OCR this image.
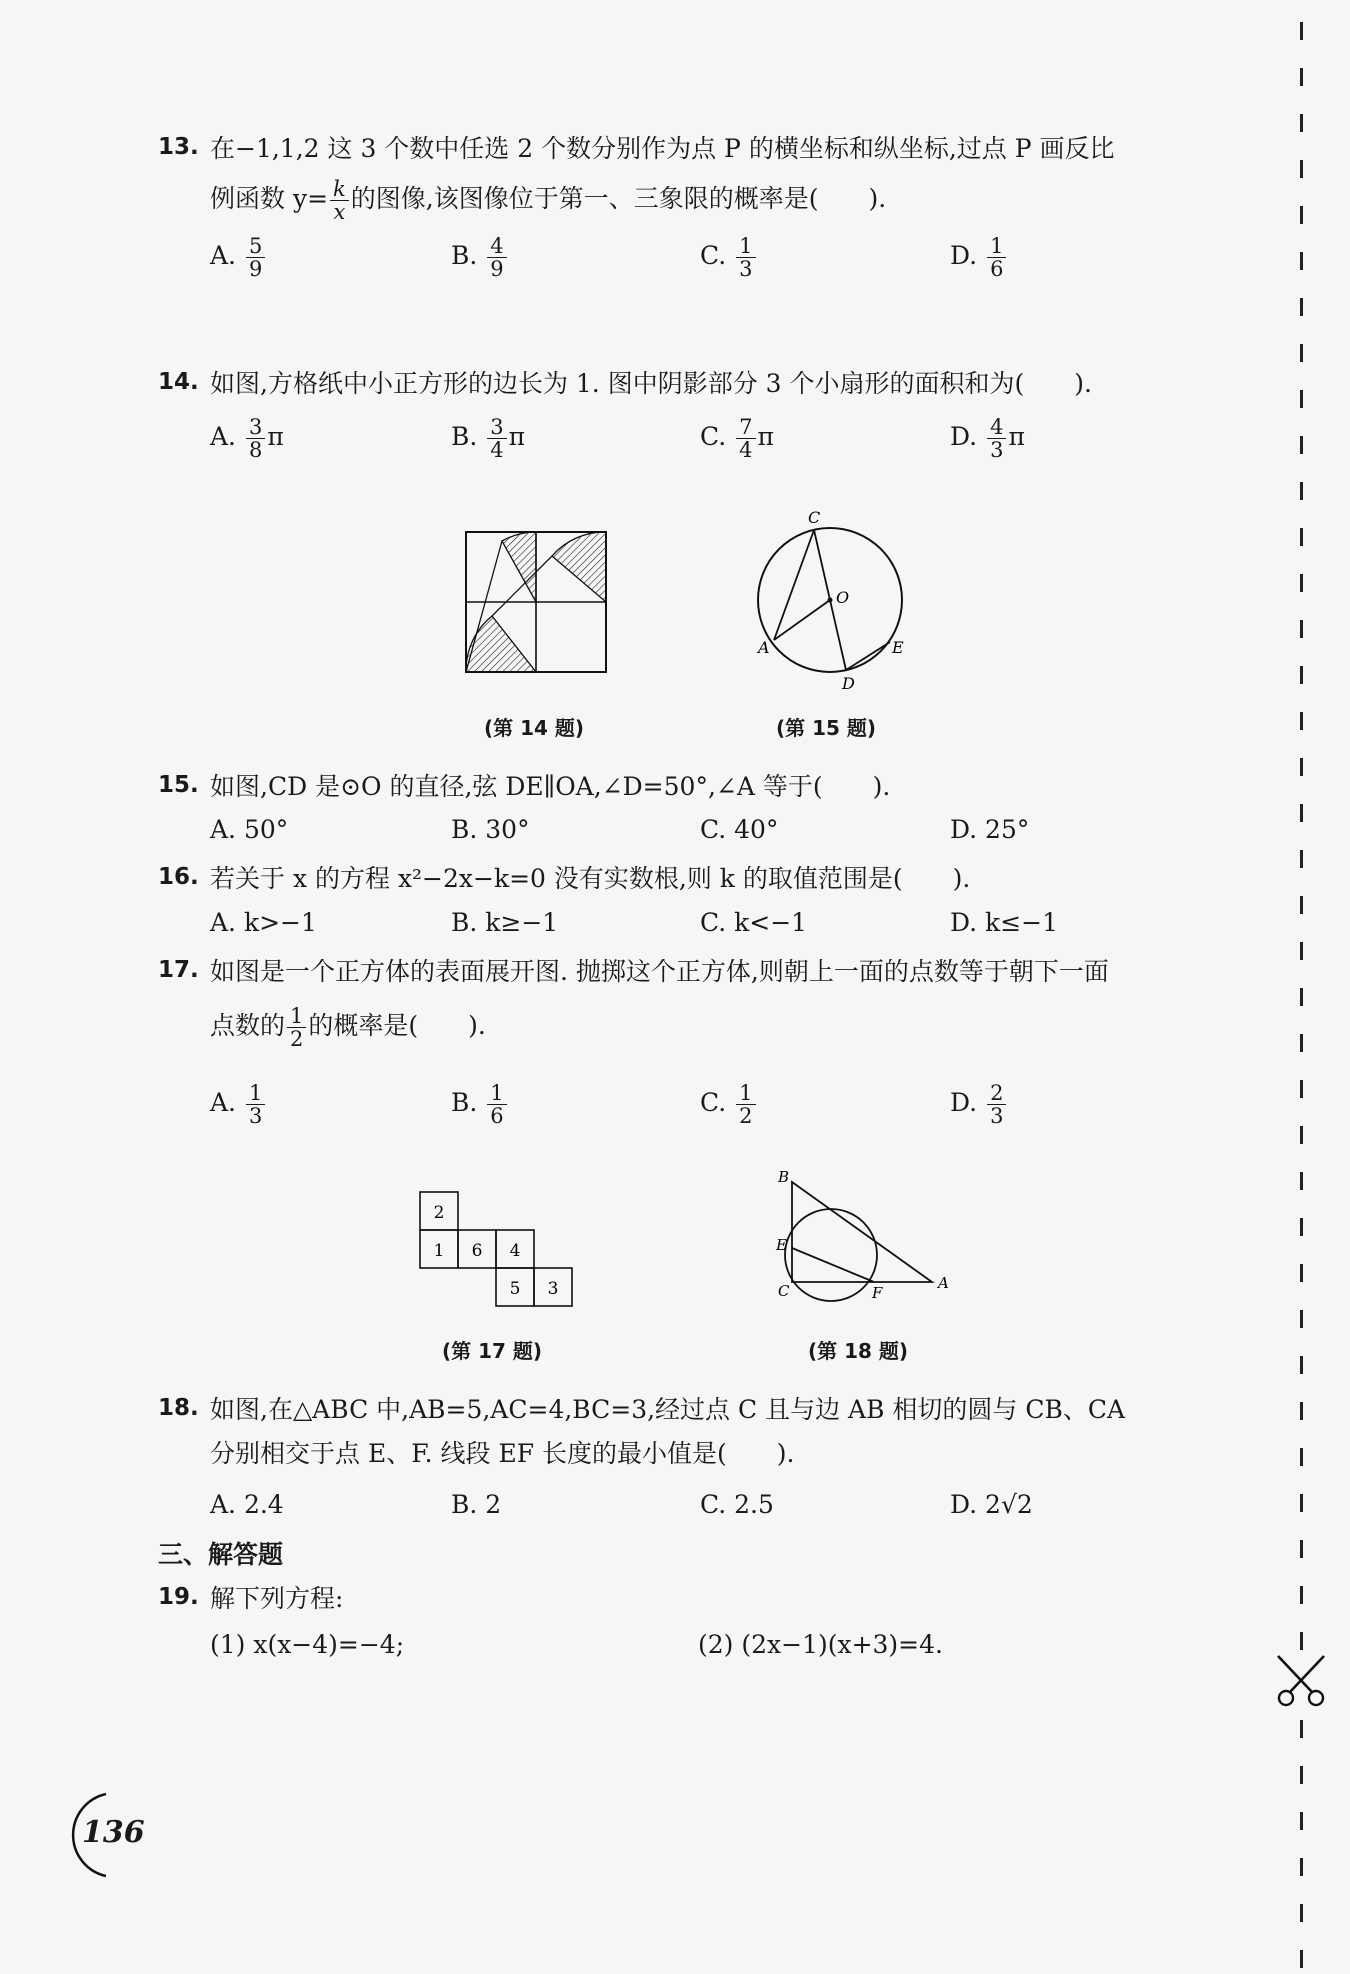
13. 在−1,1,2 这 3 个数中任选 2 个数分别作为点 P 的横坐标和纵坐标,过点 P 画反比
例函数 $y= \frac{k}{x}$ 的图像,该图像位于第一、三象限的概率是(　　).
A. $\frac{5}{9}$	B. $\frac{4}{9}$	C. $\frac{1}{3}$	D. $\frac{1}{6}$
14. 如图,方格纸中小正方形的边长为 1. 图中阴影部分 3 个小扇形的面积和为(　　).
A. $\frac{3}{8}$ π	B. $\frac{3}{4}$ π	C. $\frac{7}{4}$ π	D. $\frac{4}{3}$ π
(第 14 题)
C
O
A	E
D
(第 15 题)
15. 如图,CD 是⊙O 的直径,弦 DE∥OA,∠D=50°,∠A 等于(　　).
A. 50°	B. 30°	C. 40°	D. 25°
16. 若关于 x 的方程 x²−2x−k=0 没有实数根,则 k 的取值范围是(　　).
A. k>−1	B. k≥−1	C. k<−1	D. k≤−1
17. 如图是一个正方体的表面展开图. 抛掷这个正方体,则朝上一面的点数等于朝下一面
点数的 $\frac{1}{2}$ 的概率是(　　).
A. $\frac{1}{3}$	B. $\frac{1}{6}$	C. $\frac{1}{2}$	D. $\frac{2}{3}$
2
1 6 4
5 3
(第 17 题)
B
E
C	F
A
(第 18 题)
18. 如图,在△ABC 中,AB=5,AC=4,BC=3,经过点 C 且与边 AB 相切的圆与 CB、CA
分别相交于点 E、F. 线段 EF 长度的最小值是(　　).
A. 2.4	B. 2	C. 2.5	D. 2√2
三、解答题
19. 解下列方程:
(1) x(x−4)=−4;	(2) (2x−1)(x+3)=4.
136
